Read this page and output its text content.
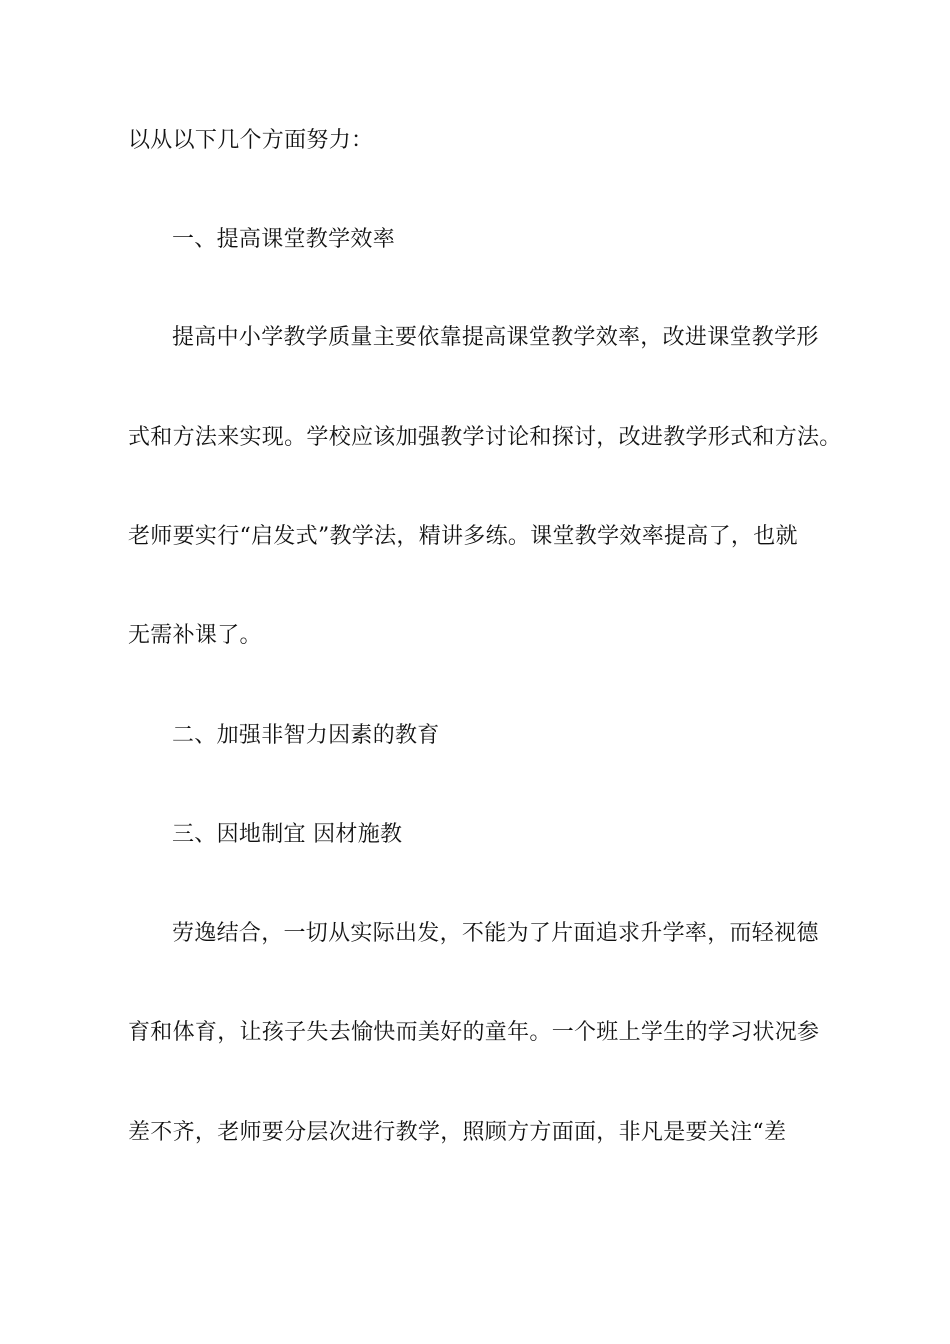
以从以下几个方面努力：
一、提高课堂教学效率
提高中小学教学质量主要依靠提高课堂教学效率，改进课堂教学形
式和方法来实现。学校应该加强教学讨论和探讨，改进教学形式和方法。
老师要实行“启发式”教学法，精讲多练。课堂教学效率提高了，也就
无需补课了。
二、加强非智力因素的教育
三、因地制宜 因材施教
劳逸结合，一切从实际出发，不能为了片面追求升学率，而轻视德
育和体育，让孩子失去愉快而美好的童年。一个班上学生的学习状况参
差不齐，老师要分层次进行教学，照顾方方面面，非凡是要关注“差
